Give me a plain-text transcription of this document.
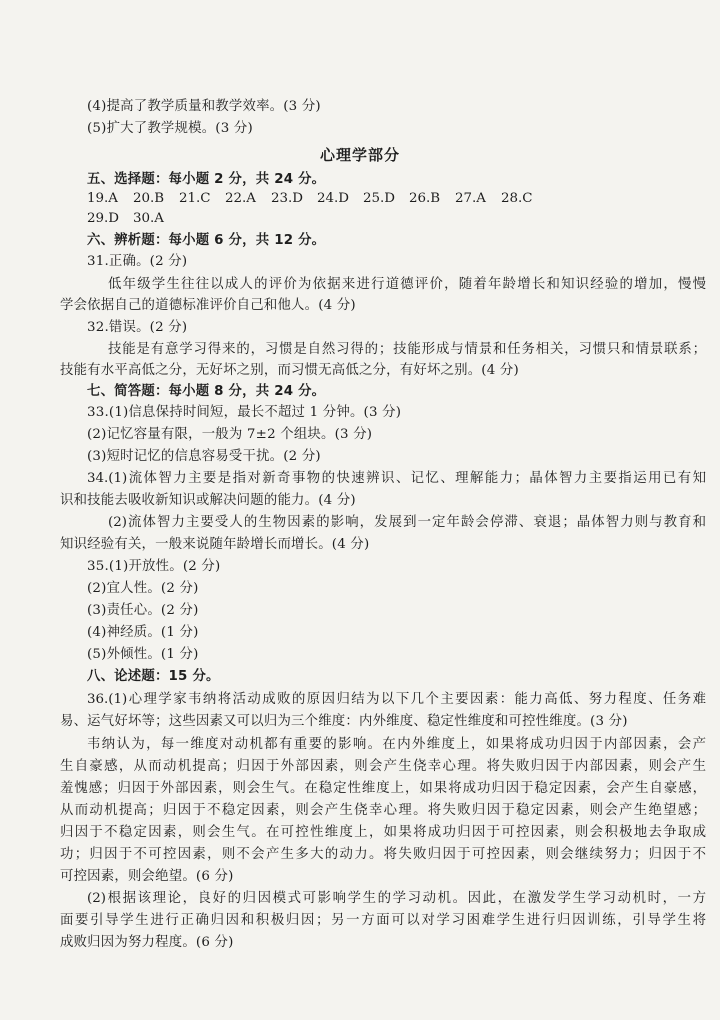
(4)提高了教学质量和教学效率。(3 分)
(5)扩大了教学规模。(3 分)
心理学部分
五、选择题：每小题 2 分，共 24 分。
19.A 20.B 21.C 22.A 23.D 24.D 25.D 26.B 27.A 28.C
29.D 30.A
六、辨析题：每小题 6 分，共 12 分。
31.正确。(2 分)
低年级学生往往以成人的评价为依据来进行道德评价，随着年龄增长和知识经验的增加，慢慢
学会依据自己的道德标准评价自己和他人。(4 分)
32.错误。(2 分)
技能是有意学习得来的，习惯是自然习得的；技能形成与情景和任务相关，习惯只和情景联系；
技能有水平高低之分，无好坏之别，而习惯无高低之分，有好坏之别。(4 分)
七、简答题：每小题 8 分，共 24 分。
33.(1)信息保持时间短，最长不超过 1 分钟。(3 分)
(2)记忆容量有限，一般为 7±2 个组块。(3 分)
(3)短时记忆的信息容易受干扰。(2 分)
34.(1)流体智力主要是指对新奇事物的快速辨识、记忆、理解能力；晶体智力主要指运用已有知
识和技能去吸收新知识或解决问题的能力。(4 分)
(2)流体智力主要受人的生物因素的影响，发展到一定年龄会停滞、衰退；晶体智力则与教育和
知识经验有关，一般来说随年龄增长而增长。(4 分)
35.(1)开放性。(2 分)
(2)宜人性。(2 分)
(3)责任心。(2 分)
(4)神经质。(1 分)
(5)外倾性。(1 分)
八、论述题：15 分。
36.(1)心理学家韦纳将活动成败的原因归结为以下几个主要因素：能力高低、努力程度、任务难
易、运气好坏等；这些因素又可以归为三个维度：内外维度、稳定性维度和可控性维度。(3 分)
韦纳认为，每一维度对动机都有重要的影响。在内外维度上，如果将成功归因于内部因素，会产
生自豪感，从而动机提高；归因于外部因素，则会产生侥幸心理。将失败归因于内部因素，则会产生
羞愧感；归因于外部因素，则会生气。在稳定性维度上，如果将成功归因于稳定因素，会产生自豪感，
从而动机提高；归因于不稳定因素，则会产生侥幸心理。将失败归因于稳定因素，则会产生绝望感；
归因于不稳定因素，则会生气。在可控性维度上，如果将成功归因于可控因素，则会积极地去争取成
功；归因于不可控因素，则不会产生多大的动力。将失败归因于可控因素，则会继续努力；归因于不
可控因素，则会绝望。(6 分)
(2)根据该理论，良好的归因模式可影响学生的学习动机。因此，在激发学生学习动机时，一方
面要引导学生进行正确归因和积极归因；另一方面可以对学习困难学生进行归因训练，引导学生将
成败归因为努力程度。(6 分)
